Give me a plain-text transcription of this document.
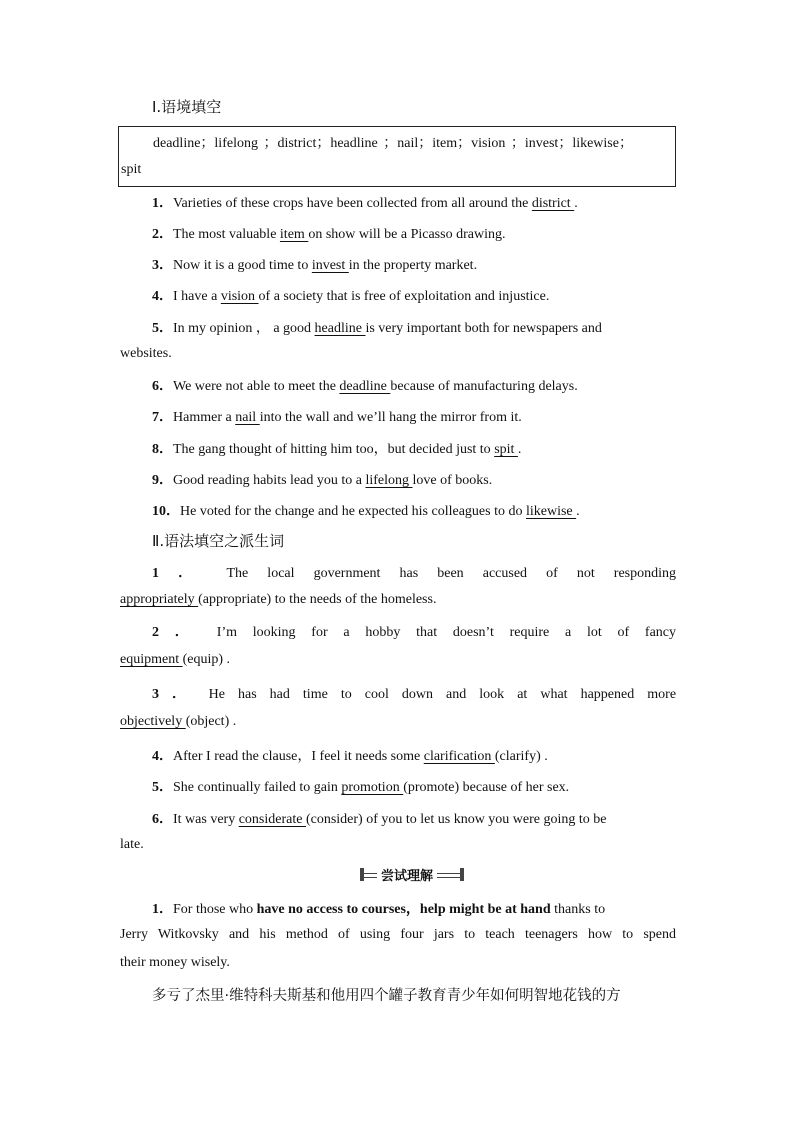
Ⅰ.语境填空
deadline；lifelong ；district；headline ；nail；item；vision ；invest；likewise；
spit
1．Varieties of these crops have been collected from all around the district .
2．The most valuable item on show will be a Picasso drawing.
3．Now it is a good time to invest in the property market.
4．I have a vision of a society that is free of exploitation and injustice.
5．In my opinion ， a good headline is very important both for newspapers and
websites.
6．We were not able to meet the deadline because of manufacturing delays.
7．Hammer a nail into the wall and we’ll hang the mirror from it.
8．The gang thought of hitting him too，but decided just to spit .
9．Good reading habits lead you to a lifelong love of books.
10．He voted for the change and he expected his colleagues to do likewise .
Ⅱ.语法填空之派生词
1 ． The local government has been accused of not responding
appropriately (appropriate) to the needs of the homeless.
2 ． I’m looking for a hobby that doesn’t require a lot of fancy
equipment (equip) .
3 ． He has had time to cool down and look at what happened more
objectively (object) .
4．After I read the clause，I feel it needs some clarification (clarify) .
5．She continually failed to gain promotion (promote) because of her sex.
6．It was very considerate (consider) of you to let us know you were going to be
late.
尝试理解
1．For those who have no access to courses，help might be at hand thanks to
Jerry Witkovsky and his method of using four jars to teach teenagers how to spend
their money wisely.
多亏了杰里·维特科夫斯基和他用四个罐子教育青少年如何明智地花钱的方
